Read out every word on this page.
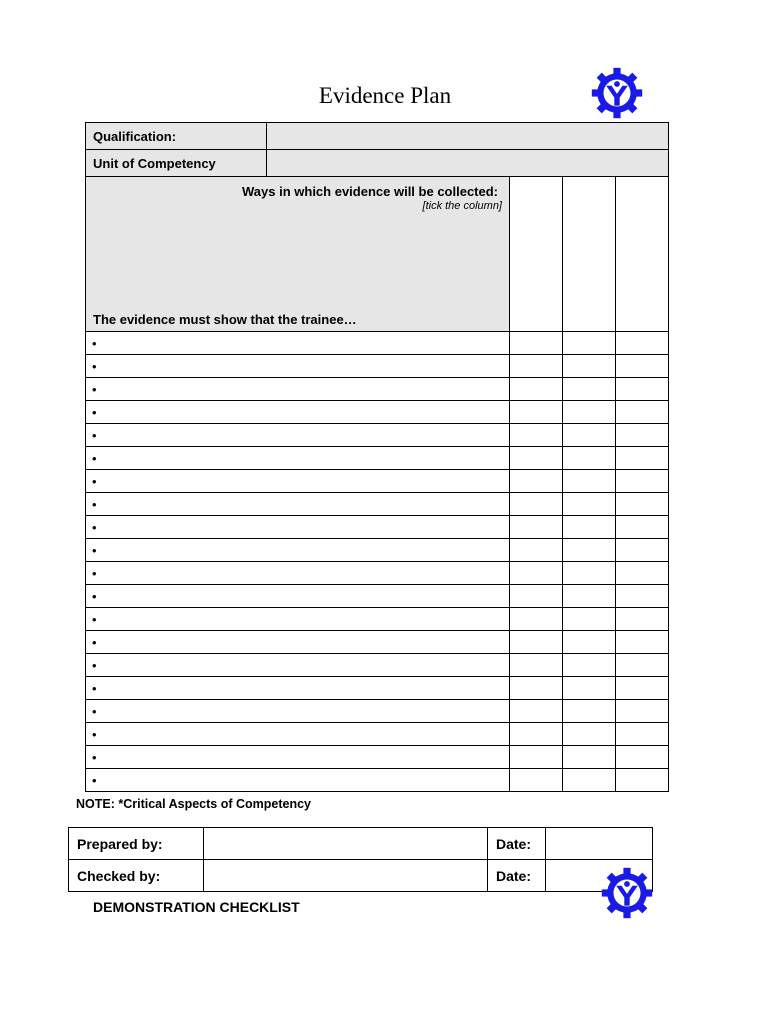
Evidence Plan
Qualification:				
Unit of Competency				

Ways in which evidence will be collected:
[tick the column]
The evidence must show that the trainee…				

•				
•				
•				
•				
•				
•				
•				
•				
•				
•				
•				
•				
•				
•				
•				
•				
•				
•				
•				
•				
NOTE: *Critical Aspects of Competency
Prepared by:		Date:	
Checked by:		Date:	
DEMONSTRATION CHECKLIST
